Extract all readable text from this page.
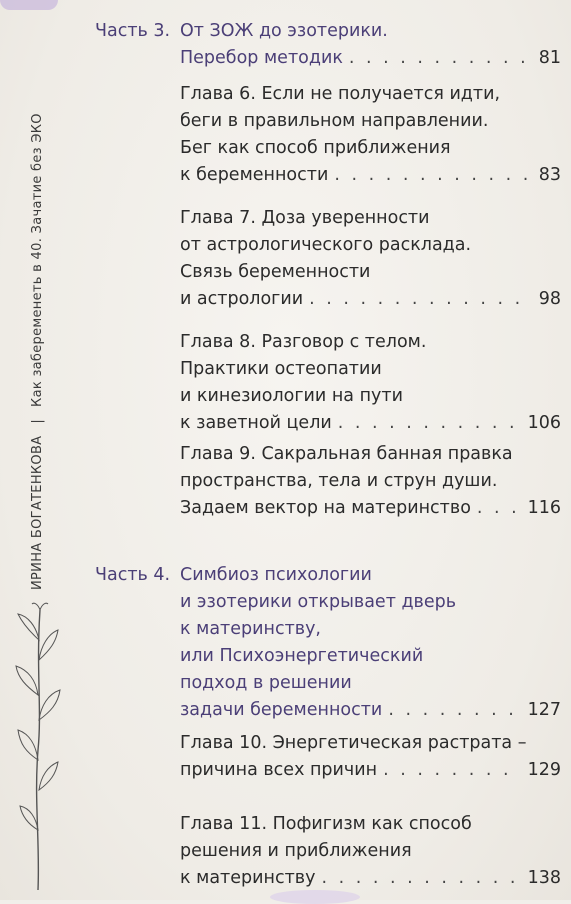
ИРИНА БОГАТЕНКОВА|Как забеременеть в 40. Зачатие без ЭКО
Часть 3. От ЗОЖ до эзотерики.
Перебор методик . . .	81
Глава 6. Если не получается идти,
беги в правильном направлении.
Бег как способ приближения
к беременности . . .	83
Глава 7. Доза уверенности
от астрологического расклада.
Связь беременности
и астрологии . . .	98
Глава 8. Разговор с телом.
Практики остеопатии
и кинезиологии на пути
к заветной цели . . .	106
Глава 9. Сакральная банная правка
пространства, тела и струн души.
Задаем вектор на материнство . . .	116
Часть 4. Симбиоз психологии
и эзотерики открывает дверь
к материнству,
или Психоэнергетический
подход в решении
задачи беременности . . .	127
Глава 10. Энергетическая растрата –
причина всех причин . . .	129
Глава 11. Пофигизм как способ
решения и приближения
к материнству . . .	138
